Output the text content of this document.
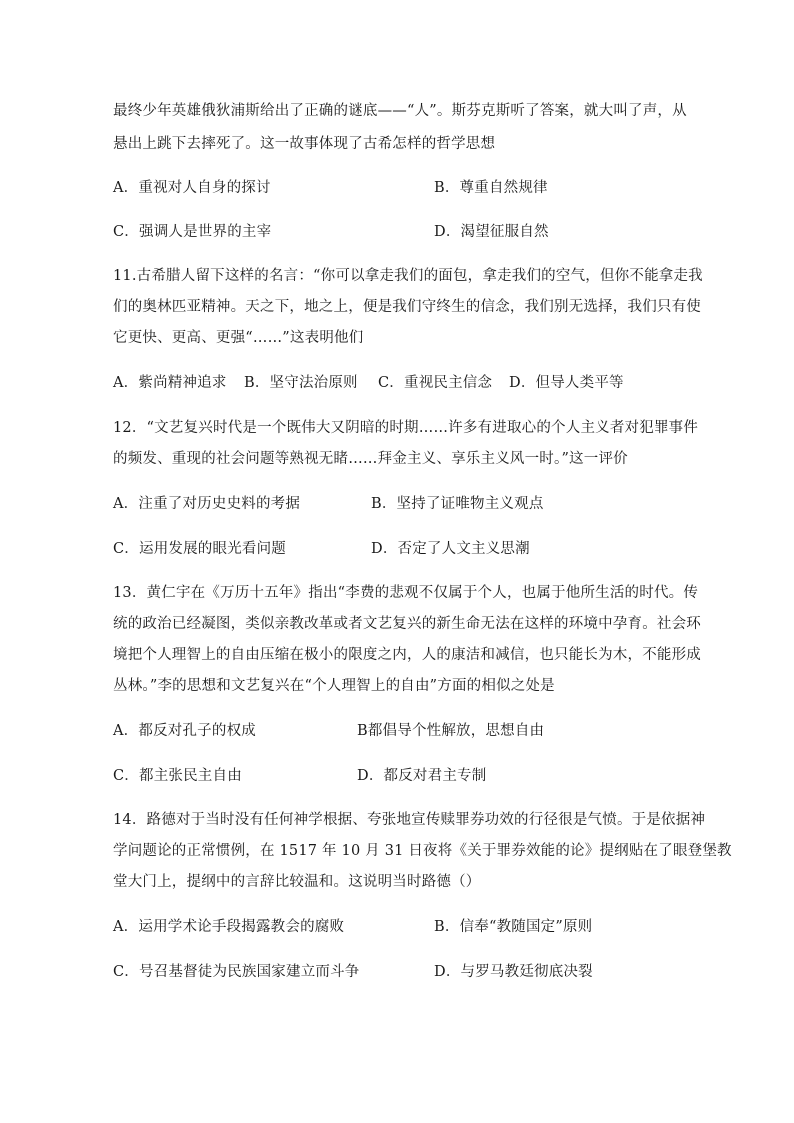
最终少年英雄俄狄浦斯给出了正确的谜底——“人”。斯芬克斯听了答案，就大叫了声，从
悬出上跳下去摔死了。这一故事体现了古希怎样的哲学思想
A．重视对人自身的探讨	B．尊重自然规律
C．强调人是世界的主宰	D．渴望征服自然
11.古希腊人留下这样的名言：“你可以拿走我们的面包，拿走我们的空气，但你不能拿走我
们的奥林匹亚精神。天之下，地之上，便是我们守终生的信念，我们别无选择，我们只有使
它更快、更高、更强“……”这表明他们
A．紫尚精神追求 B．坚守法治原则 C．重视民主信念 D．但导人类平等
12．“文艺复兴时代是一个既伟大又阴暗的时期……许多有进取心的个人主义者对犯罪事件
的频发、重现的社会问题等熟视无睹……拜金主义、享乐主义风一时。”这一评价
A．注重了对历史史料的考据	B．坚持了证唯物主义观点
C．运用发展的眼光看问题	D．否定了人文主义思潮
13．黄仁宇在《万历十五年》指出“李费的悲观不仅属于个人，也属于他所生活的时代。传
统的政治已经凝图，类似亲教改革或者文艺复兴的新生命无法在这样的环境中孕育。社会环
境把个人理智上的自由压缩在极小的限度之内，人的康洁和减信，也只能长为木，不能形成
丛林。”李的思想和文艺复兴在“个人理智上的自由”方面的相似之处是
A．都反对孔子的权成	B都倡导个性解放，思想自由
C．都主张民主自由	D．都反对君主专制
14．路德对于当时没有任何神学根据、夸张地宣传赎罪券功效的行径很是气愤。于是依据神
学问题论的正常惯例，在 1517 年 10 月 31 日夜将《关于罪券效能的论》提纲贴在了眼登堡教
堂大门上，提纲中的言辞比较温和。这说明当时路德（）
A．运用学术论手段揭露教会的腐败	B．信奉“教随国定”原则
C．号召基督徒为民族国家建立而斗争	D．与罗马教廷彻底决裂
